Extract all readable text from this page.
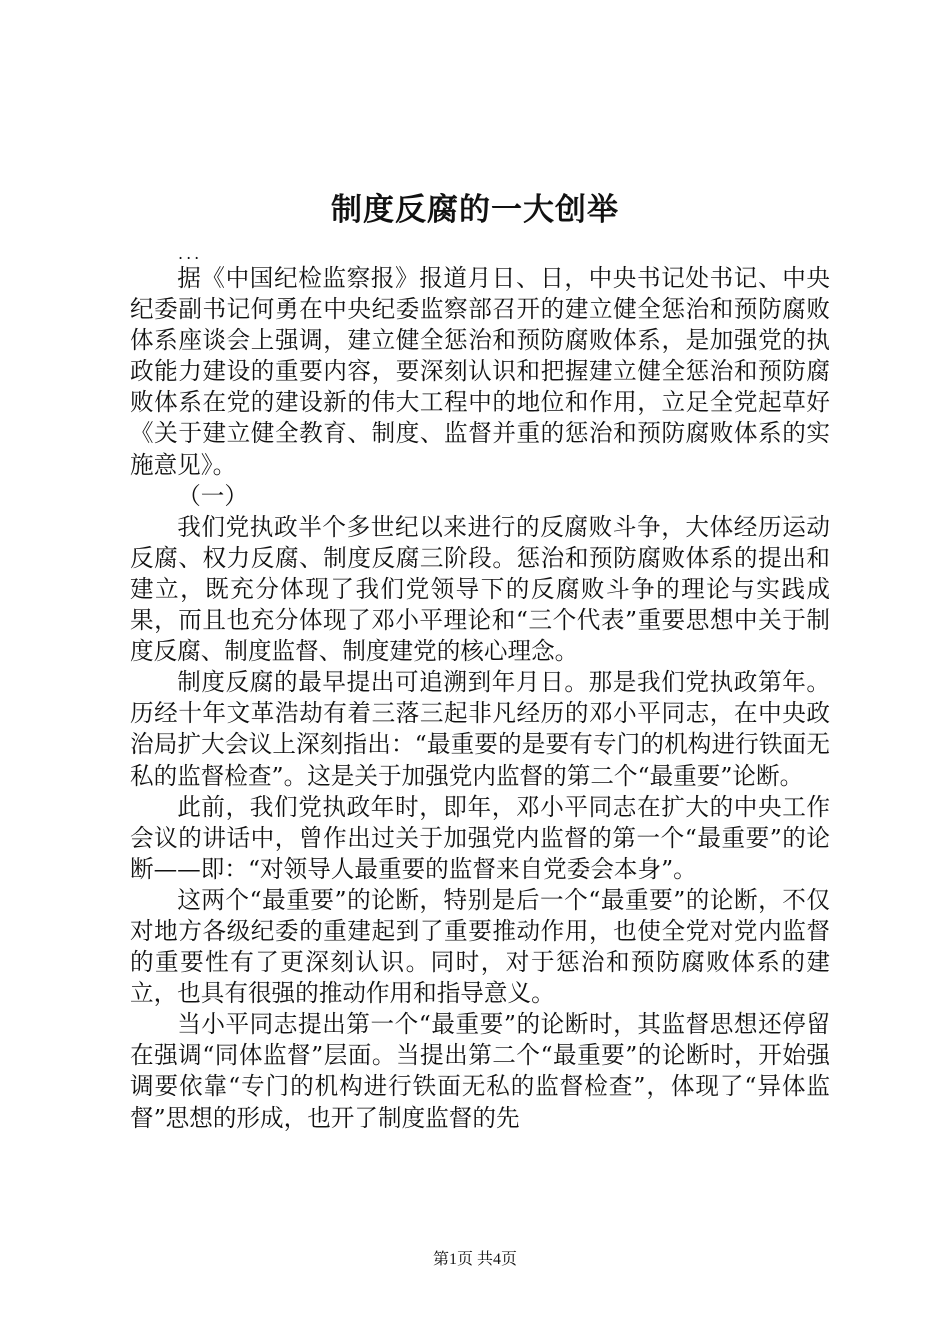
制度反腐的一大创举
...

据《中国纪检监察报》报道月日、日，中央书记处书记、中央纪委副书记何勇在中央纪委监察部召开的建立健全惩治和预防腐败体系座谈会上强调，建立健全惩治和预防腐败体系，是加强党的执政能力建设的重要内容，要深刻认识和把握建立健全惩治和预防腐败体系在党的建设新的伟大工程中的地位和作用，立足全党起草好《关于建立健全教育、制度、监督并重的惩治和预防腐败体系的实施意见》。

（一）

我们党执政半个多世纪以来进行的反腐败斗争，大体经历运动反腐、权力反腐、制度反腐三阶段。惩治和预防腐败体系的提出和建立，既充分体现了我们党领导下的反腐败斗争的理论与实践成果，而且也充分体现了邓小平理论和“三个代表”重要思想中关于制度反腐、制度监督、制度建党的核心理念。

制度反腐的最早提出可追溯到年月日。那是我们党执政第年。历经十年文革浩劫有着三落三起非凡经历的邓小平同志，在中央政治局扩大会议上深刻指出：“最重要的是要有专门的机构进行铁面无私的监督检查”。这是关于加强党内监督的第二个“最重要”论断。

此前，我们党执政年时，即年，邓小平同志在扩大的中央工作会议的讲话中，曾作出过关于加强党内监督的第一个“最重要”的论断——即：“对领导人最重要的监督来自党委会本身”。

这两个“最重要”的论断，特别是后一个“最重要”的论断，不仅对地方各级纪委的重建起到了重要推动作用，也使全党对党内监督的重要性有了更深刻认识。同时，对于惩治和预防腐败体系的建立，也具有很强的推动作用和指导意义。

当小平同志提出第一个“最重要”的论断时，其监督思想还停留在强调“同体监督”层面。当提出第二个“最重要”的论断时，开始强调要依靠“专门的机构进行铁面无私的监督检查”，体现了“异体监督”思想的形成，也开了制度监督的先

第1页 共4页
